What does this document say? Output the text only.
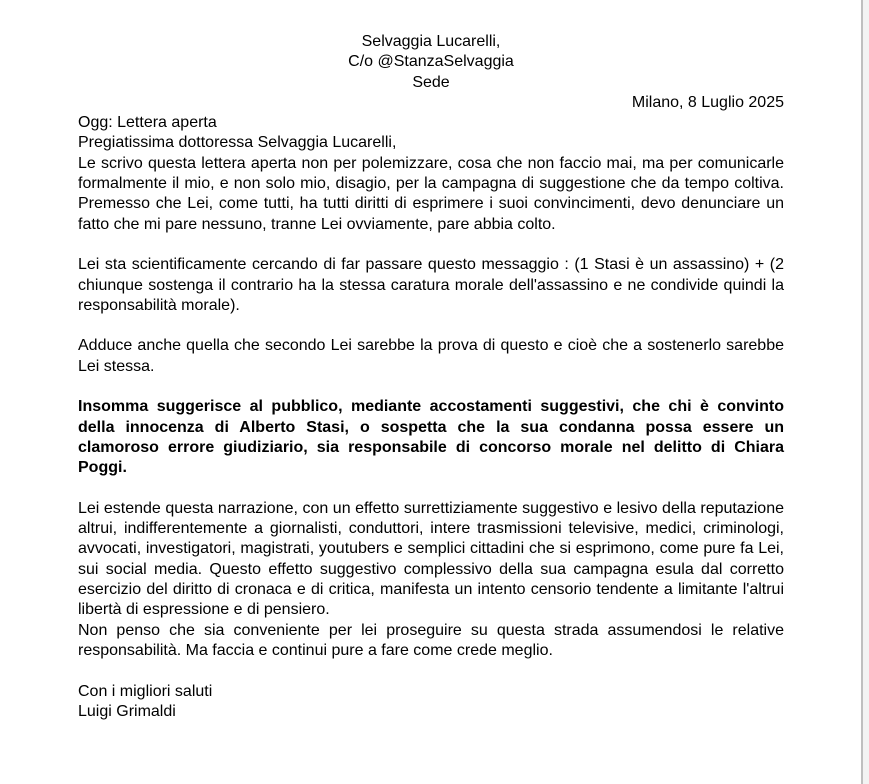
Selvaggia Lucarelli,
C/o @StanzaSelvaggia
Sede
Milano, 8 Luglio 2025
Ogg: Lettera aperta
Pregiatissima dottoressa Selvaggia Lucarelli,

Le scrivo questa lettera aperta non per polemizzare, cosa che non faccio mai, ma per comunicarle formalmente il mio, e non solo mio, disagio, per la campagna di suggestione che da tempo coltiva. Premesso che Lei, come tutti, ha tutti diritti di esprimere i suoi convincimenti, devo denunciare un fatto che mi pare nessuno, tranne Lei ovviamente, pare abbia colto.

Lei sta scientificamente cercando di far passare questo messaggio : (1 Stasi è un assassino) + (2 chiunque sostenga il contrario ha la stessa caratura morale dell'assassino e ne condivide quindi la responsabilità morale).

Adduce anche quella che secondo Lei sarebbe la prova di questo e cioè che a sostenerlo sarebbe Lei stessa.

Insomma suggerisce al pubblico, mediante accostamenti suggestivi, che chi è convinto della innocenza di Alberto Stasi, o sospetta che la sua condanna possa essere un clamoroso errore giudiziario, sia responsabile di concorso morale nel delitto di Chiara Poggi.

Lei estende questa narrazione, con un effetto surrettiziamente suggestivo e lesivo della reputazione altrui, indifferentemente a giornalisti, conduttori, intere trasmissioni televisive, medici, criminologi, avvocati, investigatori, magistrati, youtubers e semplici cittadini che si esprimono, come pure fa Lei, sui social media. Questo effetto suggestivo complessivo della sua campagna esula dal corretto esercizio del diritto di cronaca e di critica, manifesta un intento censorio tendente a limitante l'altrui libertà di espressione e di pensiero.

Non penso che sia conveniente per lei proseguire su questa strada assumendosi le relative responsabilità. Ma faccia e continui pure a fare come crede meglio.

Con i migliori saluti
Luigi Grimaldi
